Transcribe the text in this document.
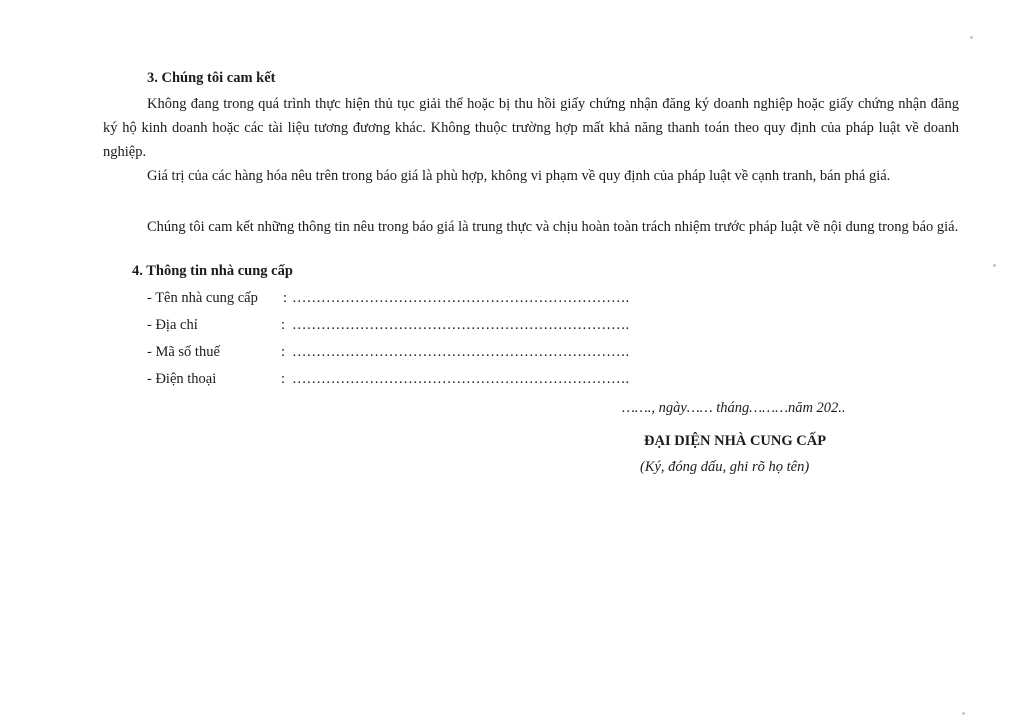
3. Chúng tôi cam kết
Không đang trong quá trình thực hiện thủ tục giải thể hoặc bị thu hồi giấy chứng nhận đăng ký doanh nghiệp hoặc giấy chứng nhận đăng ký hộ kinh doanh hoặc các tài liệu tương đương khác. Không thuộc trường hợp mất khả năng thanh toán theo quy định của pháp luật về doanh nghiệp.
Giá trị của các hàng hóa nêu trên trong báo giá là phù hợp, không vi phạm về quy định của pháp luật về cạnh tranh, bán phá giá.
Chúng tôi cam kết những thông tin nêu trong báo giá là trung thực và chịu hoàn toàn trách nhiệm trước pháp luật về nội dung trong báo giá.
4. Thông tin nhà cung cấp
- Tên nhà cung cấp : …………………………………………………………….
- Địa chỉ	: …………………………………………………………….
- Mã số thuế	: …………………………………………………………….
- Điện thoại	: …………………………………………………………….
……., ngày…… tháng………năm 202..
ĐẠI DIỆN NHÀ CUNG CẤP
(Ký, đóng dấu, ghi rõ họ tên)
